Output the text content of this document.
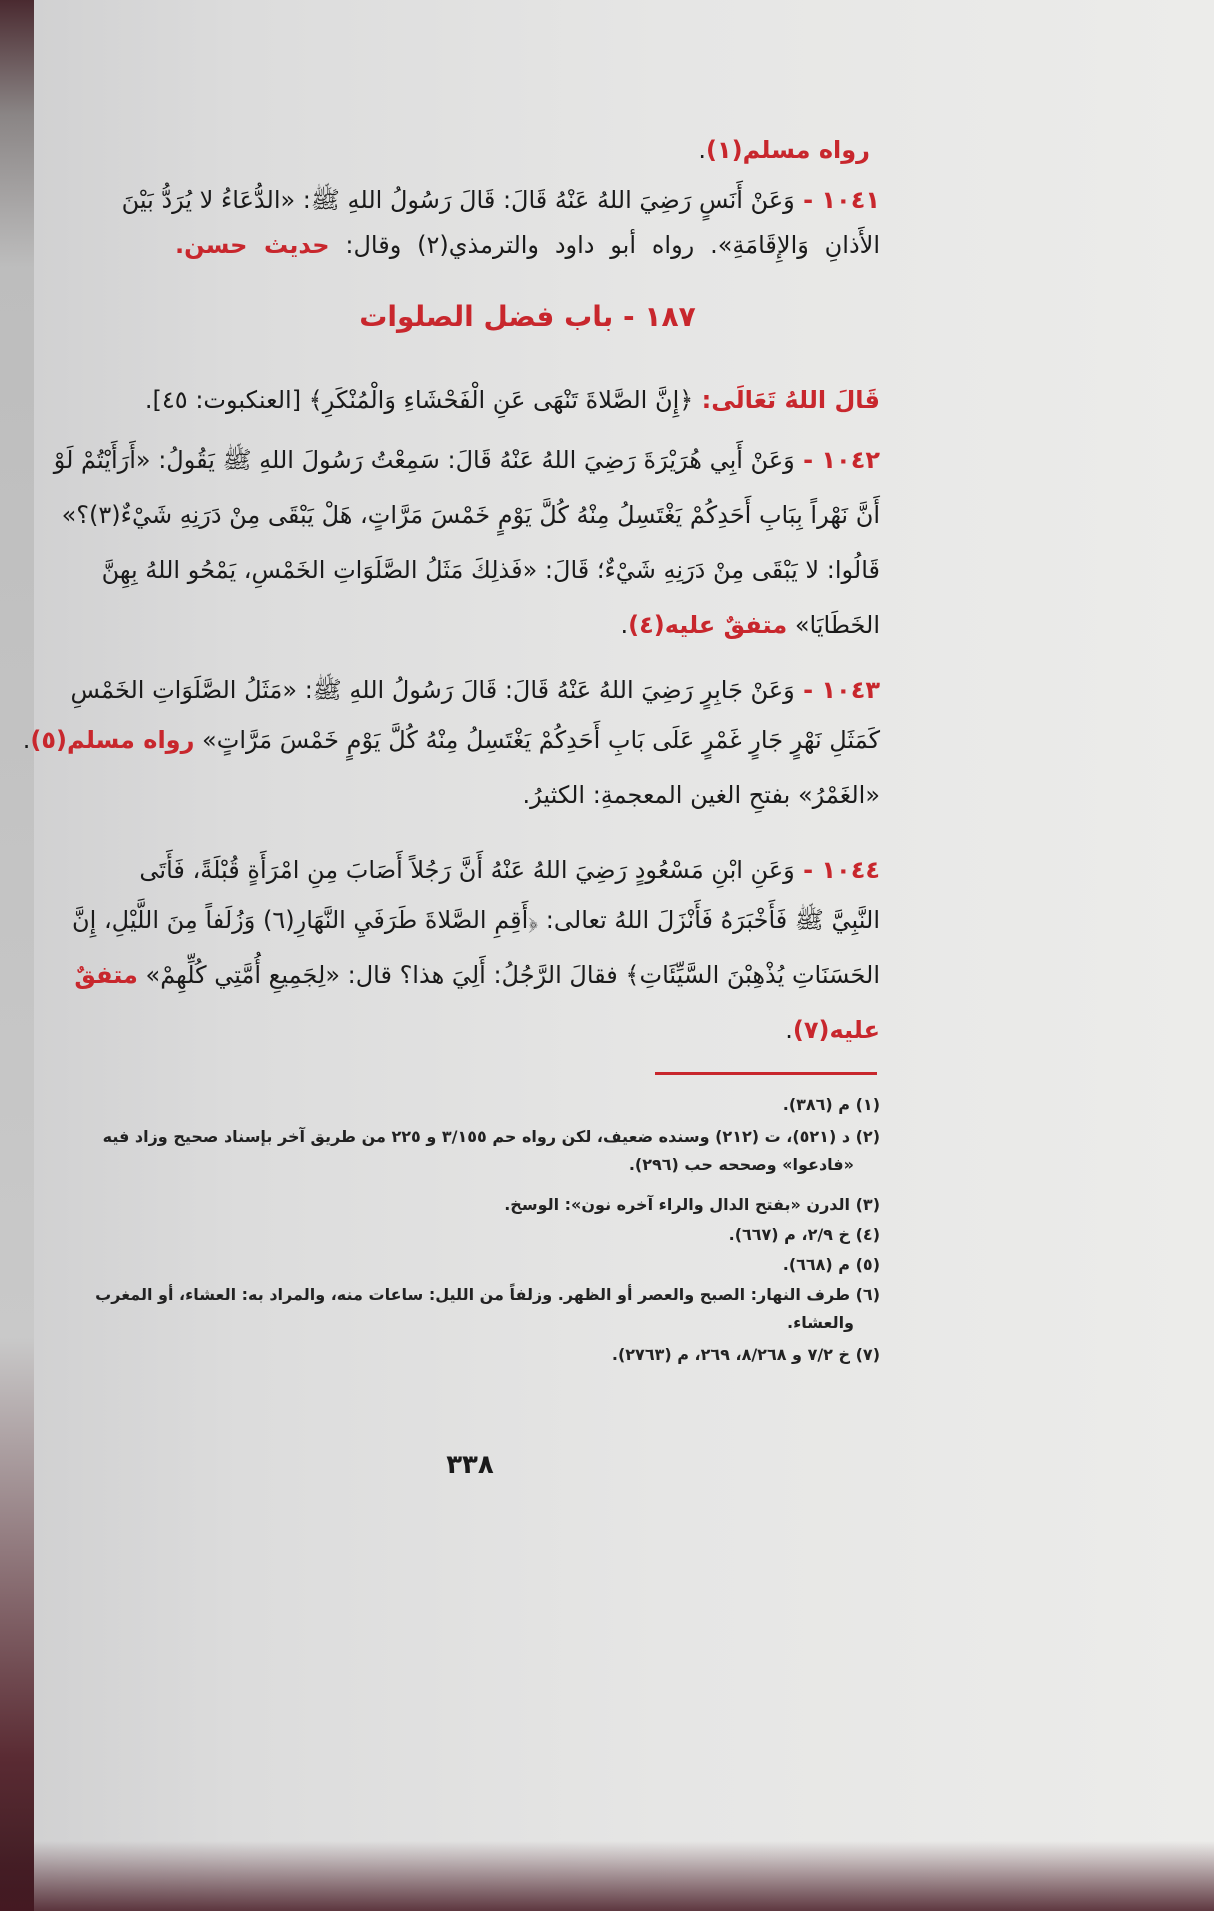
١٨٧ - باب فضل الصلوات
رواه مسلم(١).
١٠٤١ - وَعَنْ أَنَسٍ رَضِيَ اللهُ عَنْهُ قَالَ: قَالَ رَسُولُ اللهِ ﷺ: «الدُّعَاءُ لا يُرَدُّ بَيْنَ
الأَذانِ وَالإِقَامَةِ». رواه أبو داود والترمذي(٢) وقال: حديث حسن.
قَالَ اللهُ تَعَالَى: ﴿إِنَّ الصَّلاةَ تَنْهَى عَنِ الْفَحْشَاءِ وَالْمُنْكَرِ﴾ [العنكبوت: ٤٥].
١٠٤٢ - وَعَنْ أَبِي هُرَيْرَةَ رَضِيَ اللهُ عَنْهُ قَالَ: سَمِعْتُ رَسُولَ اللهِ ﷺ يَقُولُ: «أَرَأَيْتُمْ لَوْ
أَنَّ نَهْراً بِبَابِ أَحَدِكُمْ يَغْتَسِلُ مِنْهُ كُلَّ يَوْمٍ خَمْسَ مَرَّاتٍ، هَلْ يَبْقَى مِنْ دَرَنِهِ شَيْءٌ(٣)؟»
قَالُوا: لا يَبْقَى مِنْ دَرَنِهِ شَيْءٌ؛ قَالَ: «فَذلِكَ مَثَلُ الصَّلَوَاتِ الخَمْسِ، يَمْحُو اللهُ بِهِنَّ
الخَطَايَا» متفقٌ عليه(٤).
١٠٤٣ - وَعَنْ جَابِرٍ رَضِيَ اللهُ عَنْهُ قَالَ: قَالَ رَسُولُ اللهِ ﷺ: «مَثَلُ الصَّلَوَاتِ الخَمْسِ
كَمَثَلِ نَهْرٍ جَارٍ غَمْرٍ عَلَى بَابِ أَحَدِكُمْ يَغْتَسِلُ مِنْهُ كُلَّ يَوْمٍ خَمْسَ مَرَّاتٍ» رواه مسلم(٥).
«الغَمْرُ» بفتحِ الغين المعجمةِ: الكثيرُ.
١٠٤٤ - وَعَنِ ابْنِ مَسْعُودٍ رَضِيَ اللهُ عَنْهُ أَنَّ رَجُلاً أَصَابَ مِنِ امْرَأَةٍ قُبْلَةً، فَأَتَى
النَّبِيَّ ﷺ فَأَخْبَرَهُ فَأَنْزَلَ اللهُ تعالى: ﴿أَقِمِ الصَّلاةَ طَرَفَيِ النَّهَارِ(٦) وَزُلَفاً مِنَ اللَّيْلِ، إِنَّ
الحَسَنَاتِ يُذْهِبْنَ السَّيِّئَاتِ﴾ فقالَ الرَّجُلُ: أَلِيَ هذا؟ قال: «لِجَمِيعِ أُمَّتِي كُلِّهِمْ» متفقٌ
عليه(٧).
(١) م (٣٨٦).
(٢) د (٥٢١)، ت (٢١٢) وسنده ضعيف، لكن رواه حم ٣/١٥٥ و ٢٢٥ من طريق آخر بإسناد صحيح وزاد فيه
«فادعوا» وصححه حب (٢٩٦).
(٣) الدرن «بفتح الدال والراء آخره نون»: الوسخ.
(٤) خ ٢/٩، م (٦٦٧).
(٥) م (٦٦٨).
(٦) طرف النهار: الصبح والعصر أو الظهر. وزلفاً من الليل: ساعات منه، والمراد به: العشاء، أو المغرب
والعشاء.
(٧) خ ٧/٢ و ٨/٢٦٨، ٢٦٩، م (٢٧٦٣).
٣٣٨
